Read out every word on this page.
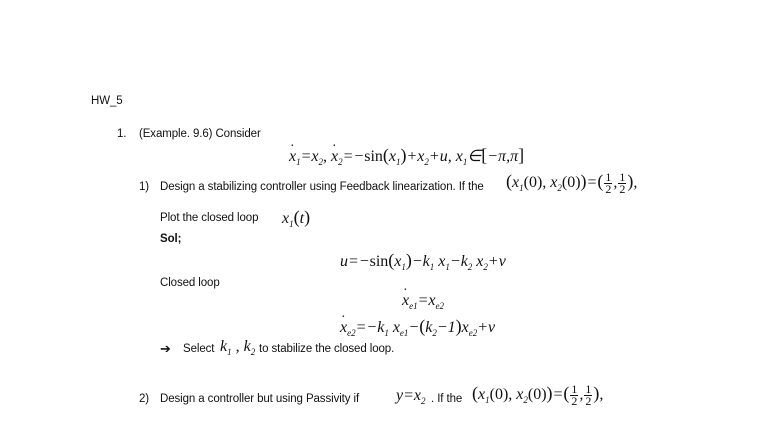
HW_5
1. (Example. 9.6) Consider
· $x_1=x_2$, · $x_2=-\sin(x_1)+x_2+u$, $x_1\in[-\pi,\pi]$
1) Design a stabilizing controller using Feedback linearization. If the ($x_1(0)$, $x_2(0))=( \frac{1}{2}$ , $\frac{1}{2}$ ),
Plot the closed loop $x_1(t)$
Sol;
$u=-\sin(x_1)-k_1$ $x_1-k_2$ $x_2+v$
Closed loop
· $x_{e1}=x_{e2}$
· $x_{e2}=-k_1$ $x_{e1}-(k_2-1)x_{e2}+v$
➔ Select $k_1$ , $k_2$ to stabilize the closed loop.
2) Design a controller but using Passivity if $y=x_2$ . If the ($x_1(0)$, $x_2(0))=( \frac{1}{2}$ , $\frac{1}{2}$ ),
